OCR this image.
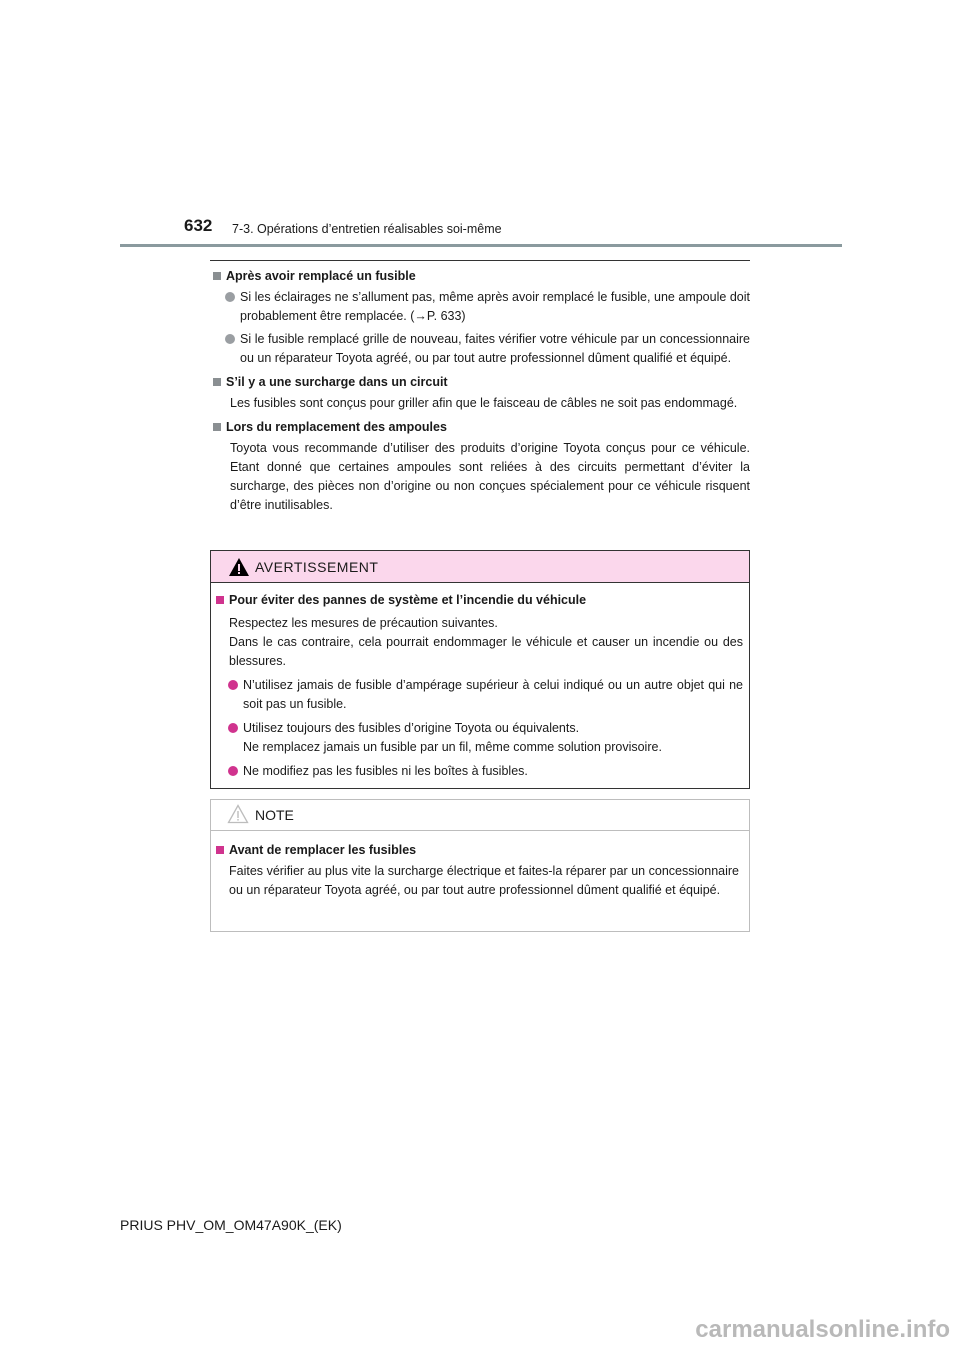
632 7-3. Opérations d’entretien réalisables soi-même

Après avoir remplacé un fusible

Si les éclairages ne s’allument pas, même après avoir remplacé le fusible, une ampoule doit probablement être remplacée. (→P. 633)

Si le fusible remplacé grille de nouveau, faites vérifier votre véhicule par un concessionnaire ou un réparateur Toyota agréé, ou par tout autre professionnel dûment qualifié et équipé.

S’il y a une surcharge dans un circuit

Les fusibles sont conçus pour griller afin que le faisceau de câbles ne soit pas endommagé.

Lors du remplacement des ampoules

Toyota vous recommande d’utiliser des produits d’origine Toyota conçus pour ce véhicule. Etant donné que certaines ampoules sont reliées à des circuits permettant d’éviter la surcharge, des pièces non d’origine ou non conçues spécialement pour ce véhicule risquent d’être inutilisables.

AVERTISSEMENT

Pour éviter des pannes de système et l’incendie du véhicule

Respectez les mesures de précaution suivantes.

Dans le cas contraire, cela pourrait endommager le véhicule et causer un incendie ou des blessures.

N’utilisez jamais de fusible d’ampérage supérieur à celui indiqué ou un autre objet qui ne soit pas un fusible.

Utilisez toujours des fusibles d’origine Toyota ou équivalents.

Ne remplacez jamais un fusible par un fil, même comme solution provisoire.

Ne modifiez pas les fusibles ni les boîtes à fusibles.

NOTE

Avant de remplacer les fusibles

Faites vérifier au plus vite la surcharge électrique et faites-la réparer par un concessionnaire ou un réparateur Toyota agréé, ou par tout autre professionnel dûment qualifié et équipé.

PRIUS PHV_OM_OM47A90K_(EK)
carmanualsonline.info
